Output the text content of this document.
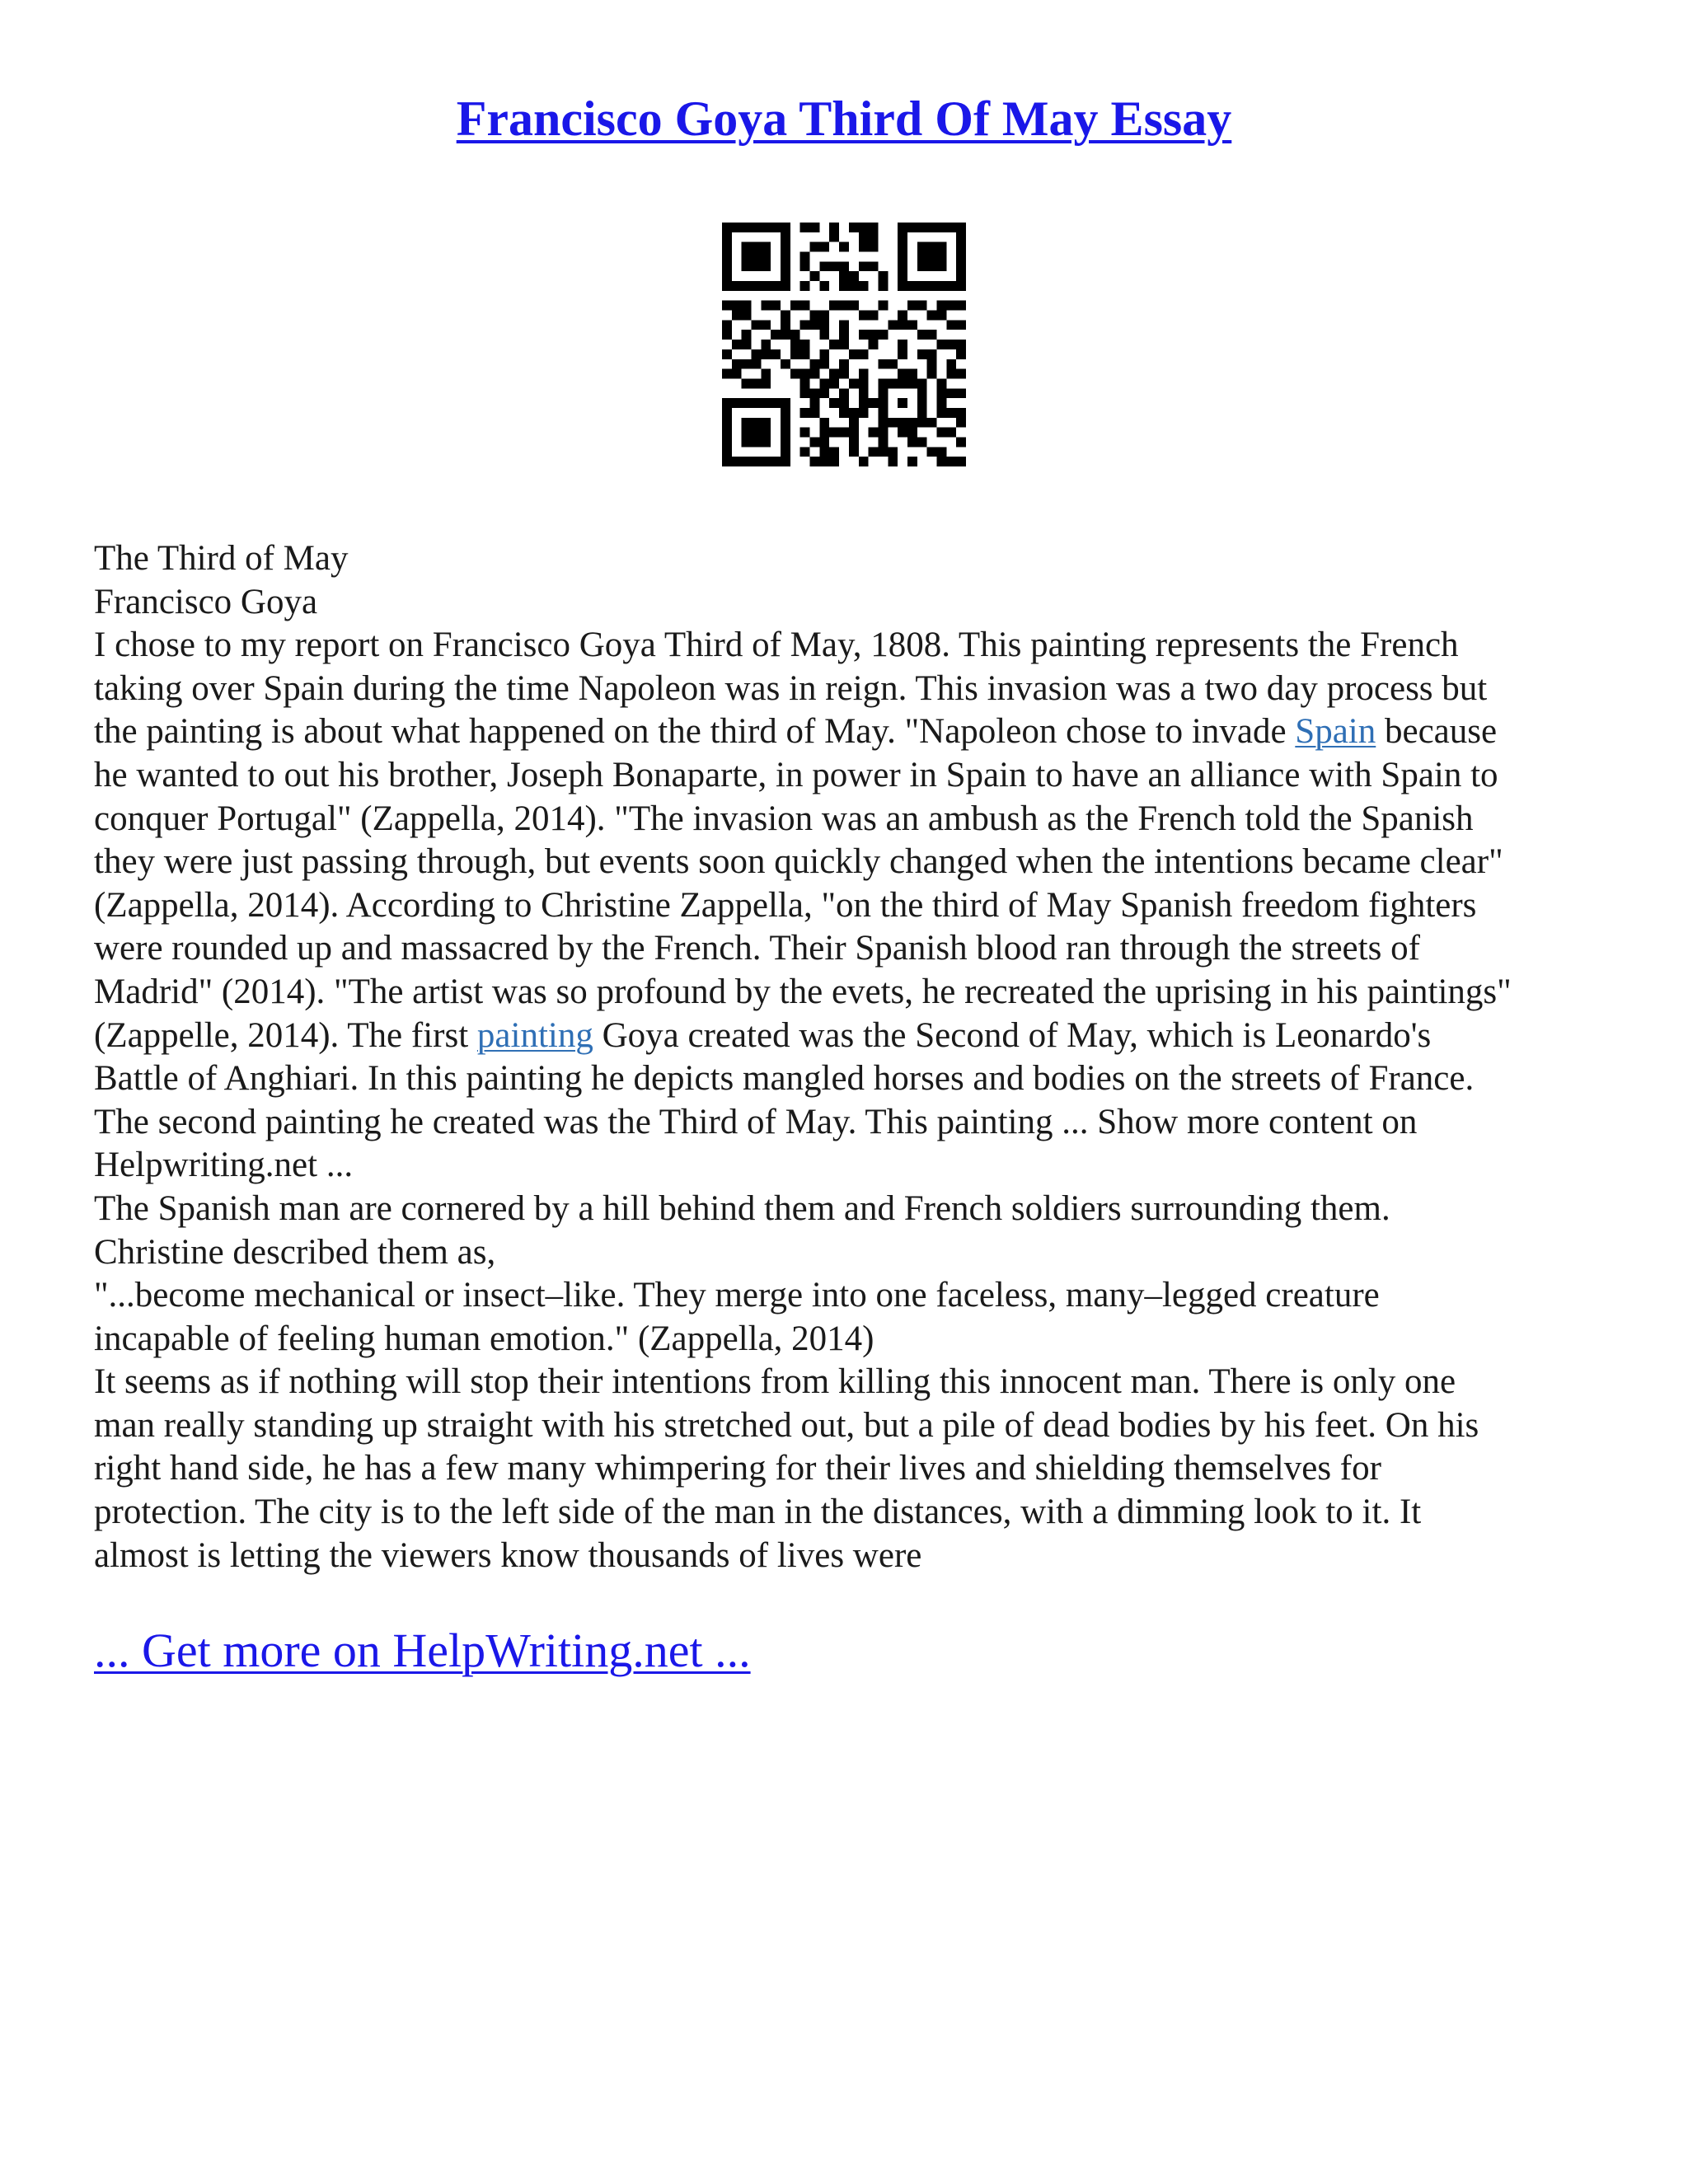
Francisco Goya Third Of May Essay
The Third of May
Francisco Goya
I chose to my report on Francisco Goya Third of May, 1808. This painting represents the French
taking over Spain during the time Napoleon was in reign. This invasion was a two day process but
the painting is about what happened on the third of May. "Napoleon chose to invade Spain because
he wanted to out his brother, Joseph Bonaparte, in power in Spain to have an alliance with Spain to
conquer Portugal" (Zappella, 2014). "The invasion was an ambush as the French told the Spanish
they were just passing through, but events soon quickly changed when the intentions became clear"
(Zappella, 2014). According to Christine Zappella, "on the third of May Spanish freedom fighters
were rounded up and massacred by the French. Their Spanish blood ran through the streets of
Madrid" (2014). "The artist was so profound by the evets, he recreated the uprising in his paintings"
(Zappelle, 2014). The first painting Goya created was the Second of May, which is Leonardo's
Battle of Anghiari. In this painting he depicts mangled horses and bodies on the streets of France.
The second painting he created was the Third of May. This painting ... Show more content on
Helpwriting.net ...
The Spanish man are cornered by a hill behind them and French soldiers surrounding them.
Christine described them as,
"...become mechanical or insect–like. They merge into one faceless, many–legged creature
incapable of feeling human emotion." (Zappella, 2014)
It seems as if nothing will stop their intentions from killing this innocent man. There is only one
man really standing up straight with his stretched out, but a pile of dead bodies by his feet. On his
right hand side, he has a few many whimpering for their lives and shielding themselves for
protection. The city is to the left side of the man in the distances, with a dimming look to it. It
almost is letting the viewers know thousands of lives were
... Get more on HelpWriting.net ...
